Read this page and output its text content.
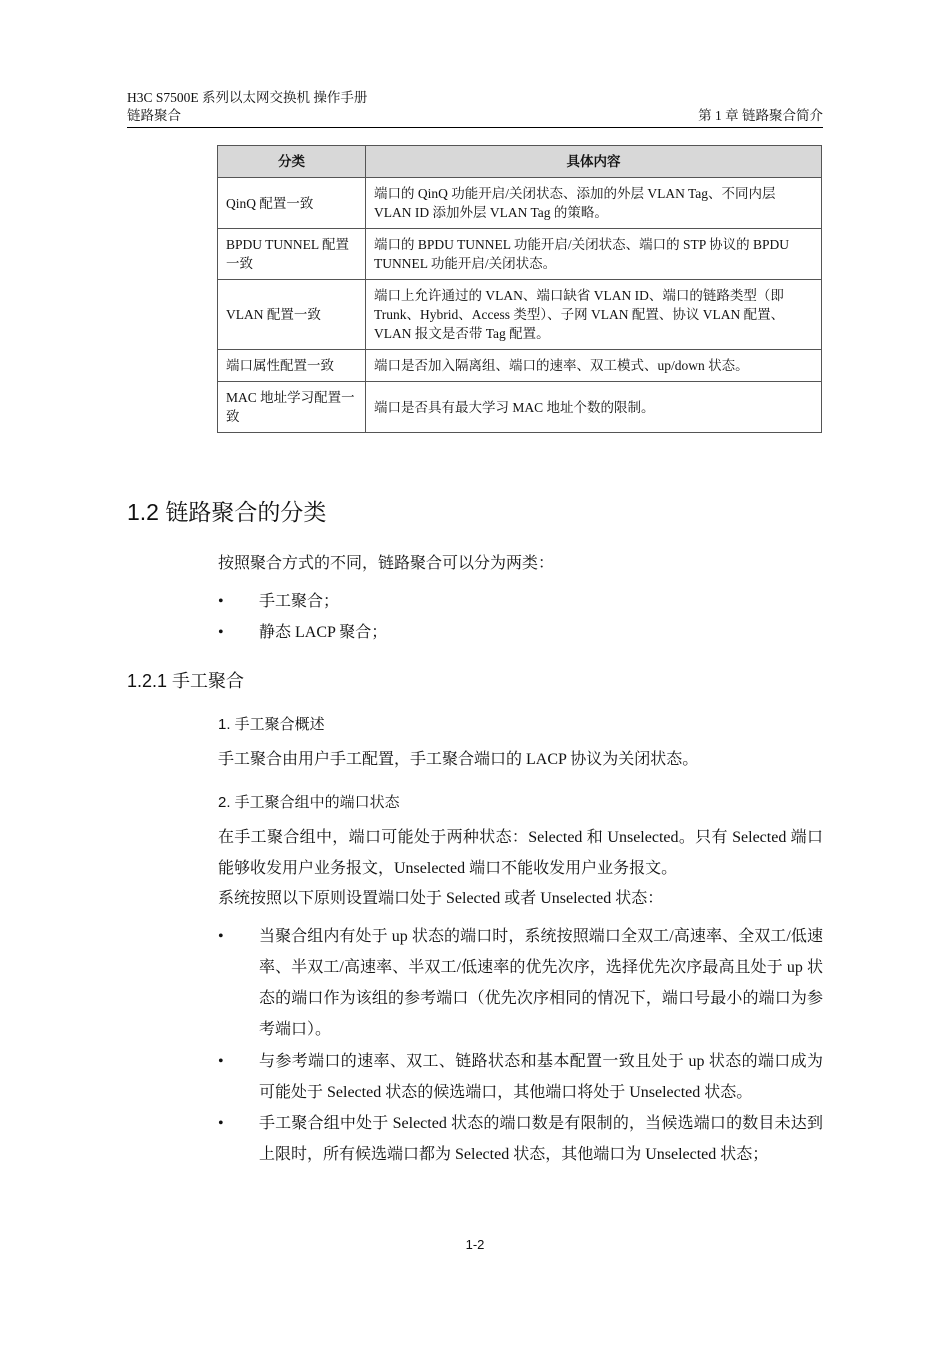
H3C S7500E 系列以太网交换机 操作手册
链路聚合	第 1 章 链路聚合简介
分类	具体内容
QinQ 配置一致	端口的 QinQ 功能开启/关闭状态、添加的外层 VLAN Tag、不同内层 VLAN ID 添加外层 VLAN Tag 的策略。
BPDU TUNNEL 配置一致	端口的 BPDU TUNNEL 功能开启/关闭状态、端口的 STP 协议的 BPDU TUNNEL 功能开启/关闭状态。
VLAN 配置一致	端口上允许通过的 VLAN、端口缺省 VLAN ID、端口的链路类型（即 Trunk、Hybrid、Access 类型）、子网 VLAN 配置、协议 VLAN 配置、VLAN 报文是否带 Tag 配置。
端口属性配置一致	端口是否加入隔离组、端口的速率、双工模式、up/down 状态。
MAC 地址学习配置一致	端口是否具有最大学习 MAC 地址个数的限制。
1.2 链路聚合的分类
按照聚合方式的不同，链路聚合可以分为两类：
• 手工聚合；
• 静态 LACP 聚合；
1.2.1 手工聚合
1. 手工聚合概述
手工聚合由用户手工配置，手工聚合端口的 LACP 协议为关闭状态。
2. 手工聚合组中的端口状态
在手工聚合组中，端口可能处于两种状态：Selected 和 Unselected。只有 Selected 端口能够收发用户业务报文，Unselected 端口不能收发用户业务报文。
系统按照以下原则设置端口处于 Selected 或者 Unselected 状态：
• 当聚合组内有处于 up 状态的端口时，系统按照端口全双工/高速率、全双工/低速率、半双工/高速率、半双工/低速率的优先次序，选择优先次序最高且处于 up 状态的端口作为该组的参考端口（优先次序相同的情况下，端口号最小的端口为参考端口）。
• 与参考端口的速率、双工、链路状态和基本配置一致且处于 up 状态的端口成为可能处于 Selected 状态的候选端口，其他端口将处于 Unselected 状态。
• 手工聚合组中处于 Selected 状态的端口数是有限制的，当候选端口的数目未达到上限时，所有候选端口都为 Selected 状态，其他端口为 Unselected 状态；
1-2
